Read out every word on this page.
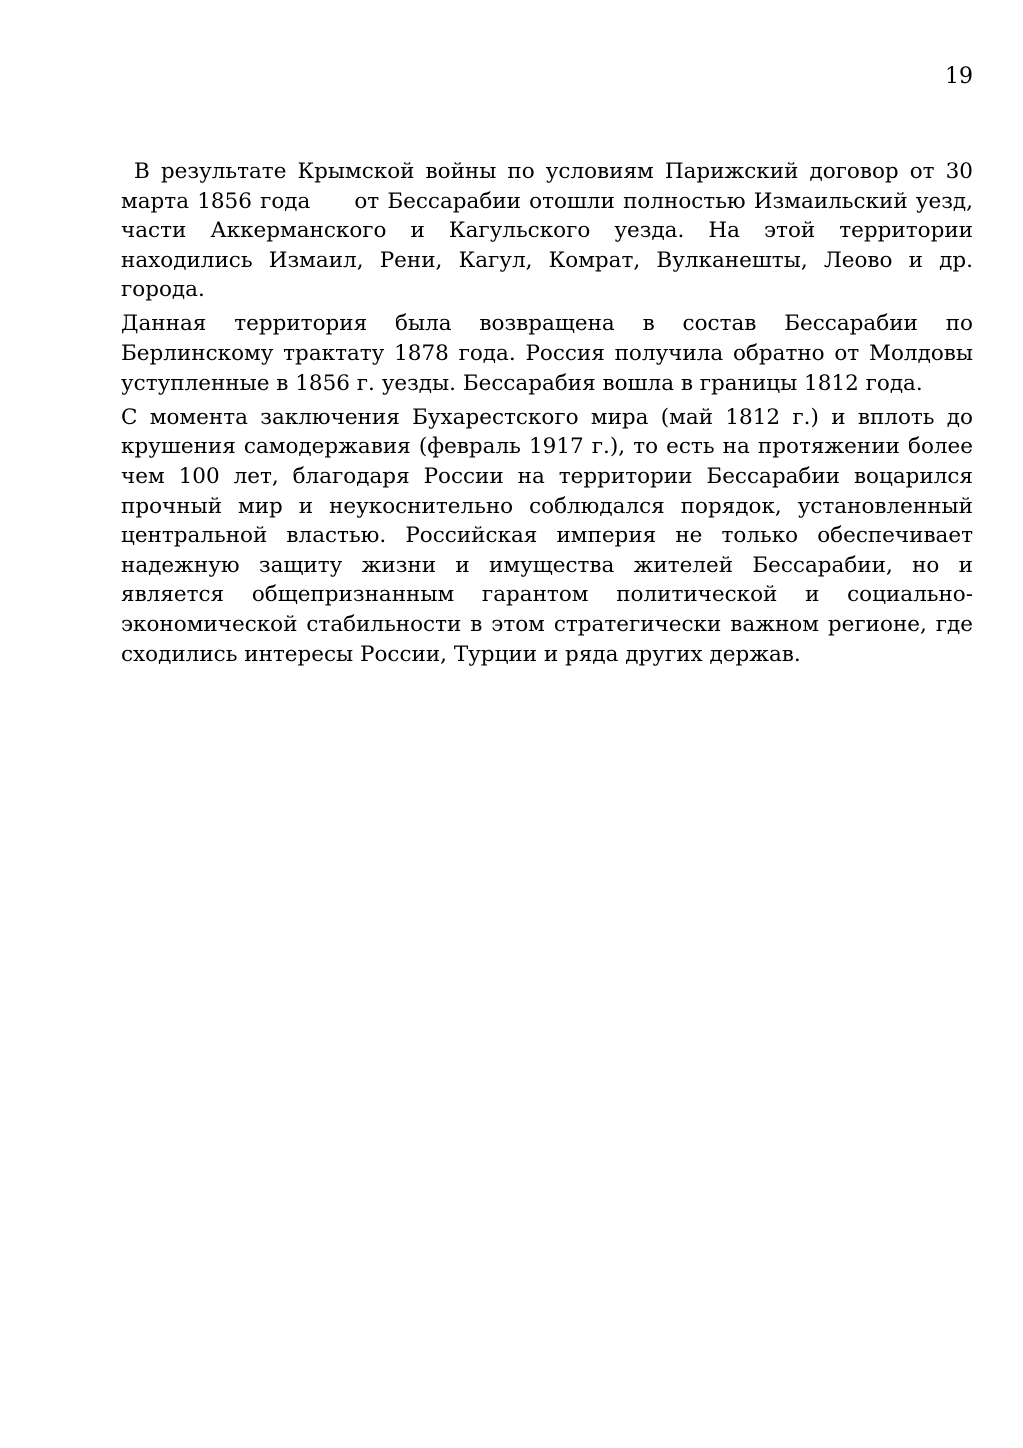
19

В результате Крымской войны по условиям Парижский договор от 30 марта 1856 года от Бессарабии отошли полностью Измаильский уезд, части Аккерманского и Кагульского уезда. На этой территории находились Измаил, Рени, Кагул, Комрат, Вулканешты, Леово и др. города.

Данная территория была возвращена в состав Бессарабии по Берлинскому трактату 1878 года. Россия получила обратно от Молдовы уступленные в 1856 г. уезды. Бессарабия вошла в границы 1812 года.

С момента заключения Бухарестского мира (май 1812 г.) и вплоть до крушения самодержавия (февраль 1917 г.), то есть на протяжении более чем 100 лет, благодаря России на территории Бессарабии воцарился прочный мир и неукоснительно соблюдался порядок, установленный центральной властью. Российская империя не только обеспечивает надежную защиту жизни и имущества жителей Бессарабии, но и является общепризнанным гарантом политической и социально-экономической стабильности в этом стратегически важном регионе, где сходились интересы России, Турции и ряда других держав.
